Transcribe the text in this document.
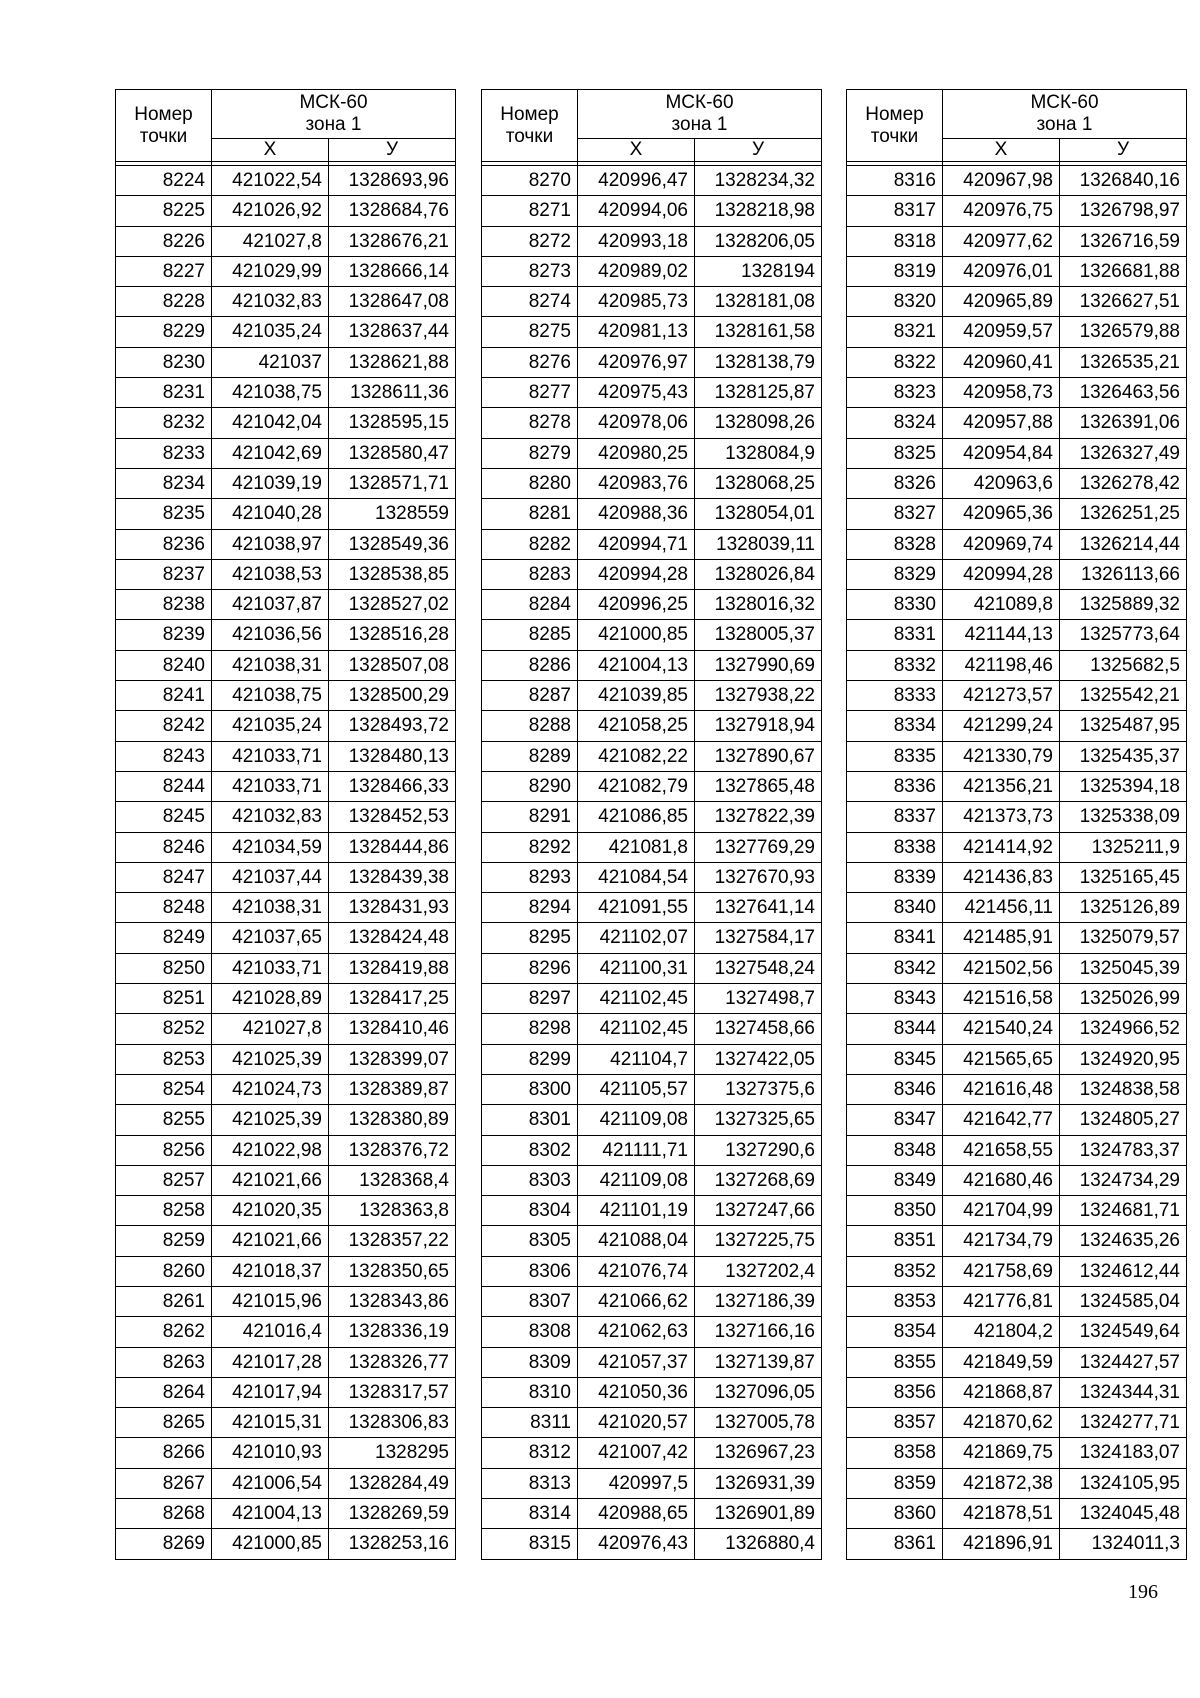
Номер
точки	МСК-60
зона 1	
	Х	У

8224	421022,54	1328693,96
8225	421026,92	1328684,76
8226	421027,8	1328676,21
8227	421029,99	1328666,14
8228	421032,83	1328647,08
8229	421035,24	1328637,44
8230	421037	1328621,88
8231	421038,75	1328611,36
8232	421042,04	1328595,15
8233	421042,69	1328580,47
8234	421039,19	1328571,71
8235	421040,28	1328559
8236	421038,97	1328549,36
8237	421038,53	1328538,85
8238	421037,87	1328527,02
8239	421036,56	1328516,28
8240	421038,31	1328507,08
8241	421038,75	1328500,29
8242	421035,24	1328493,72
8243	421033,71	1328480,13
8244	421033,71	1328466,33
8245	421032,83	1328452,53
8246	421034,59	1328444,86
8247	421037,44	1328439,38
8248	421038,31	1328431,93
8249	421037,65	1328424,48
8250	421033,71	1328419,88
8251	421028,89	1328417,25
8252	421027,8	1328410,46
8253	421025,39	1328399,07
8254	421024,73	1328389,87
8255	421025,39	1328380,89
8256	421022,98	1328376,72
8257	421021,66	1328368,4
8258	421020,35	1328363,8
8259	421021,66	1328357,22
8260	421018,37	1328350,65
8261	421015,96	1328343,86
8262	421016,4	1328336,19
8263	421017,28	1328326,77
8264	421017,94	1328317,57
8265	421015,31	1328306,83
8266	421010,93	1328295
8267	421006,54	1328284,49
8268	421004,13	1328269,59
8269	421000,85	1328253,16
Номер
точки	МСК-60
зона 1	
	Х	У

8270	420996,47	1328234,32
8271	420994,06	1328218,98
8272	420993,18	1328206,05
8273	420989,02	1328194
8274	420985,73	1328181,08
8275	420981,13	1328161,58
8276	420976,97	1328138,79
8277	420975,43	1328125,87
8278	420978,06	1328098,26
8279	420980,25	1328084,9
8280	420983,76	1328068,25
8281	420988,36	1328054,01
8282	420994,71	1328039,11
8283	420994,28	1328026,84
8284	420996,25	1328016,32
8285	421000,85	1328005,37
8286	421004,13	1327990,69
8287	421039,85	1327938,22
8288	421058,25	1327918,94
8289	421082,22	1327890,67
8290	421082,79	1327865,48
8291	421086,85	1327822,39
8292	421081,8	1327769,29
8293	421084,54	1327670,93
8294	421091,55	1327641,14
8295	421102,07	1327584,17
8296	421100,31	1327548,24
8297	421102,45	1327498,7
8298	421102,45	1327458,66
8299	421104,7	1327422,05
8300	421105,57	1327375,6
8301	421109,08	1327325,65
8302	421111,71	1327290,6
8303	421109,08	1327268,69
8304	421101,19	1327247,66
8305	421088,04	1327225,75
8306	421076,74	1327202,4
8307	421066,62	1327186,39
8308	421062,63	1327166,16
8309	421057,37	1327139,87
8310	421050,36	1327096,05
8311	421020,57	1327005,78
8312	421007,42	1326967,23
8313	420997,5	1326931,39
8314	420988,65	1326901,89
8315	420976,43	1326880,4
Номер
точки	МСК-60
зона 1	
	Х	У

8316	420967,98	1326840,16
8317	420976,75	1326798,97
8318	420977,62	1326716,59
8319	420976,01	1326681,88
8320	420965,89	1326627,51
8321	420959,57	1326579,88
8322	420960,41	1326535,21
8323	420958,73	1326463,56
8324	420957,88	1326391,06
8325	420954,84	1326327,49
8326	420963,6	1326278,42
8327	420965,36	1326251,25
8328	420969,74	1326214,44
8329	420994,28	1326113,66
8330	421089,8	1325889,32
8331	421144,13	1325773,64
8332	421198,46	1325682,5
8333	421273,57	1325542,21
8334	421299,24	1325487,95
8335	421330,79	1325435,37
8336	421356,21	1325394,18
8337	421373,73	1325338,09
8338	421414,92	1325211,9
8339	421436,83	1325165,45
8340	421456,11	1325126,89
8341	421485,91	1325079,57
8342	421502,56	1325045,39
8343	421516,58	1325026,99
8344	421540,24	1324966,52
8345	421565,65	1324920,95
8346	421616,48	1324838,58
8347	421642,77	1324805,27
8348	421658,55	1324783,37
8349	421680,46	1324734,29
8350	421704,99	1324681,71
8351	421734,79	1324635,26
8352	421758,69	1324612,44
8353	421776,81	1324585,04
8354	421804,2	1324549,64
8355	421849,59	1324427,57
8356	421868,87	1324344,31
8357	421870,62	1324277,71
8358	421869,75	1324183,07
8359	421872,38	1324105,95
8360	421878,51	1324045,48
8361	421896,91	1324011,3
196
